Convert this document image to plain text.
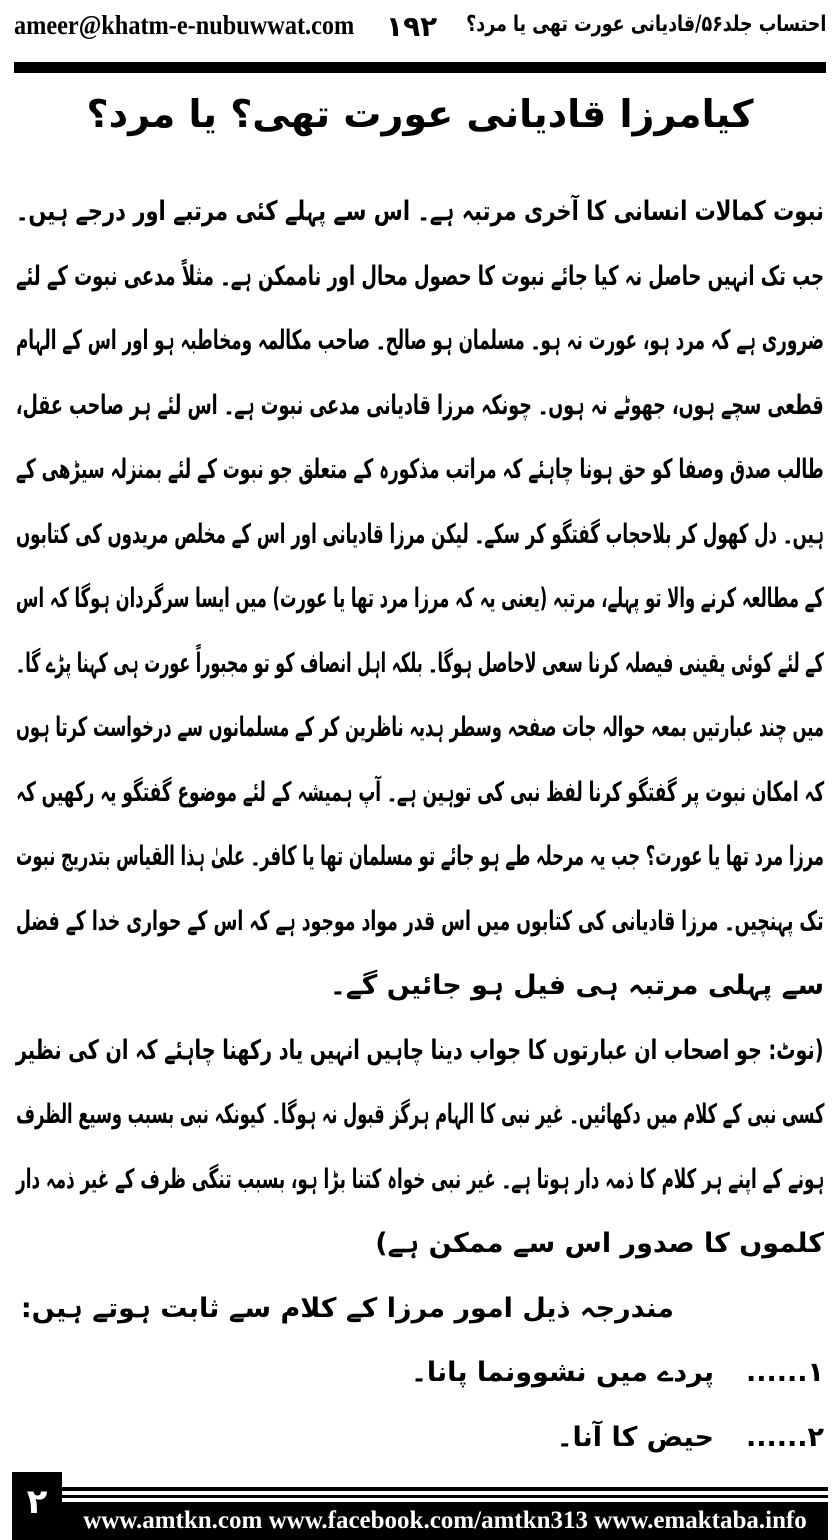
ameer@khatm-e-nubuwwat.com ۱۹۲ احتساب جلد۵۶/قادیانی عورت تھی یا مرد؟
کیامرزا قادیانی عورت تھی؟ یا مرد؟
نبوت کمالات انسانی کا آخری مرتبہ ہے۔ اس سے پہلے کئی مرتبے اور درجے ہیں۔
جب تک انہیں حاصل نہ کیا جائے نبوت کا حصول محال اور ناممکن ہے۔ مثلاً مدعی نبوت کے لئے
ضروری ہے کہ مرد ہو، عورت نہ ہو۔ مسلمان ہو صالح۔ صاحب مکالمہ ومخاطبہ ہو اور اس کے الہام
قطعی سچے ہوں، جھوٹے نہ ہوں۔ چونکہ مرزا قادیانی مدعی نبوت ہے۔ اس لئے ہر صاحب عقل،
طالب صدق وصفا کو حق ہونا چاہئے کہ مراتب مذکورہ کے متعلق جو نبوت کے لئے بمنزلہ سیڑھی کے
ہیں۔ دل کھول کر بلاحجاب گفتگو کر سکے۔ لیکن مرزا قادیانی اور اس کے مخلص مریدوں کی کتابوں
کے مطالعہ کرنے والا تو پہلے، مرتبہ (یعنی یہ کہ مرزا مرد تھا یا عورت) میں ایسا سرگردان ہوگا کہ اس
کے لئے کوئی یقینی فیصلہ کرنا سعی لاحاصل ہوگا۔ بلکہ اہل انصاف کو تو مجبوراً عورت ہی کہنا پڑے گا۔
میں چند عبارتیں بمعہ حوالہ جات صفحہ وسطر ہدیہ ناظرین کر کے مسلمانوں سے درخواست کرتا ہوں
کہ امکان نبوت پر گفتگو کرنا لفظ نبی کی توہین ہے۔ آپ ہمیشہ کے لئے موضوع گفتگو یہ رکھیں کہ
مرزا مرد تھا یا عورت؟ جب یہ مرحلہ طے ہو جائے تو مسلمان تھا یا کافر۔ علیٰ ہذا القیاس بتدریج نبوت
تک پہنچیں۔ مرزا قادیانی کی کتابوں میں اس قدر مواد موجود ہے کہ اس کے حواری خدا کے فضل
سے پہلی مرتبہ ہی فیل ہو جائیں گے۔
(نوٹ: جو اصحاب ان عبارتوں کا جواب دینا چاہیں انہیں یاد رکھنا چاہئے کہ ان کی نظیر
کسی نبی کے کلام میں دکھائیں۔ غیر نبی کا الہام ہرگز قبول نہ ہوگا۔ کیونکہ نبی بسبب وسیع الظرف
ہونے کے اپنے ہر کلام کا ذمہ دار ہوتا ہے۔ غیر نبی خواہ کتنا بڑا ہو، بسبب تنگی ظرف کے غیر ذمہ دار
کلموں کا صدور اس سے ممکن ہے)
مندرجہ ذیل امور مرزا کے کلام سے ثابت ہوتے ہیں:
۱......پردے میں نشوونما پانا۔
۲......حیض کا آنا۔
۲	www.amtkn.com www.facebook.com/amtkn313 www.emaktaba.info
